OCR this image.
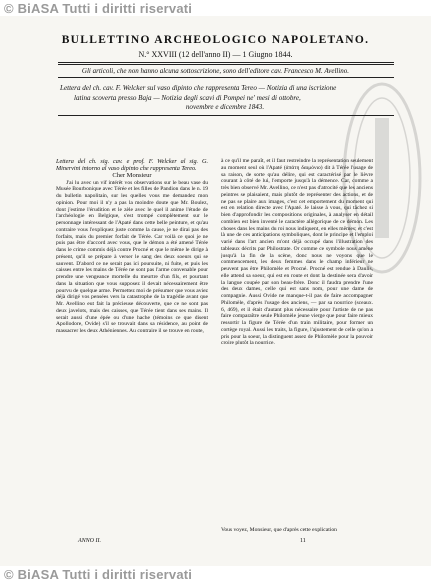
© BiASA Tutti i diritti riservati
BULLETTINO ARCHEOLOGICO NAPOLETANO.
N.° XXVIII (12 dell'anno II) — 1 Giugno 1844.
Gli articoli, che non hanno alcuna sottoscrizione, sono dell'editore cav. Francesco M. Avellino.
Lettera del ch. cav. F. Welcker sul vaso dipinto che rappresenta Tereo — Notizia di una iscrizione
latina scoverta presso Baja — Notizia degli scavi di Pompei ne' mesi di ottobre,
novembre e dicembre 1843.

Lettera del ch. sig. cav. e prof. F. Welcker al sig. G. Minervini intorno al vaso dipinto che rappresenta Tereo.

Cher Monsieur

J'ai lu avec un vif intérêt vos observations sur le beau vase du Musée Bourbonique avec Térée et les filles de Pandion dans le n. 19 du bulletin napolitain, sur les quelles vous me demandez mon opinion. Pour moi il n'y a pas la moindre doute que Mr. Boulez, dont j'estime l'érudition et le zèle avec le quel il anime l'étude de l'archéologie en Belgique, s'est trompé complètement sur le personnage intéressant de l'Apaté dans cette belle peinture, et qu'au contraire vous l'expliquez juste comme la cause, je ne dirai pas des forfaits, mais du premier forfait de Térée. Car voilà ce quoi je ne puis pas être d'accord avec vous, que le démon a été amené Térée dans le crime commis déjà contre Procné et que le même le dirige à présent, qu'il se prépare à verser le sang des deux soeurs qui se sauvent. D'abord ce ne serait pas ici poursuite, ni fuite, et puis les caisses entre les mains de Térée ne sont pas l'arme convenable pour prendre une vengeance mortelle du meurtre d'un fils, et pourtant dans la situation que vous supposez il devait nécessairement être pourvu de quelque arme. Permettez moi de présumer que vous aviez déjà dirigé vos pensées vers la catastrophe de la tragédie avant que Mr. Avellino eut fait la précieuse découverte, que ce ne sont pas deux javelots, mais des caisses, que Térée tient dans ses mains. Il serait aussi d'une épée ou d'une hache (témoins ce que disent Apollodore, Ovide) s'il se trouvait dans sa résidence, au point de massacrer les deux Athéniennes. Au contraire il se trouve en route,

à ce qu'il me paraît, et il faut restreindre la représentation seulement au moment seul où l'Apaté (ἀπάτη δαιμόνιο) dit à Térée l'usage de sa raison, de sorte qu'au délire, qui est caractérisé par le lièvre courant à côté de lui, l'emporte jusqu'à la démence. Car, comme a très bien observé Mr. Avellino, ce n'est pas d'atrocité que les anciens peintres se plaisaient, mais plutôt de représenter des actions, et de ne pas se plaire aux images, c'est cet emportement du moment qui est en relation directe avec l'Apaté. Je laisse à vous, qui tâchez si bien d'approfondir les compositions originales, à analyser en détail combien est bien inventé le caractère allégorique de ce démon. Les choses dans les mains du roi nous indiquent, en elles mêmes; et c'est là une de ces anticipations symboliques, dont le principe et l'emploi varié dans l'art ancien m'ont déjà occupé dans l'illustration des tableaux décrits par Philostrate. Or comme ce symbole nous amène jusqu'à la fin de la scène, donc nous ne voyons que le commencement, les deux femmes dans le champ inférieur ne peuvent pas être Philomèle et Procné. Procné est rendue à Daulis, elle attend sa soeur, qui est en route et dont la destinée sera d'avoir la langue coupée par son beau-frère. Donc il faudra prendre l'une des deux dames, celle qui est sans nom, pour une dame de compagnie. Aussi Ovide ne manque-t-il pas de faire accompagner Philomèle, d'après l'usage des anciens, — par sa nourrice (sceaux. 6, 469), et il était d'autant plus nécessaire pour l'artiste de ne pas faire comparaître seule Philomèle jeune vierge que pour faire mieux ressortir la figure de Térée d'un train militaire, pour former un cortège royal. Aussi les traits, la figure, l'ajustement de celle qu'on a pris pour la soeur, la distinguent assez de Philomèle pour la pouvoir croire plutôt la nourrice.

Vous voyez, Monsieur, que d'après cette explication
ANNO II.	11
© BiASA Tutti i diritti riservati
